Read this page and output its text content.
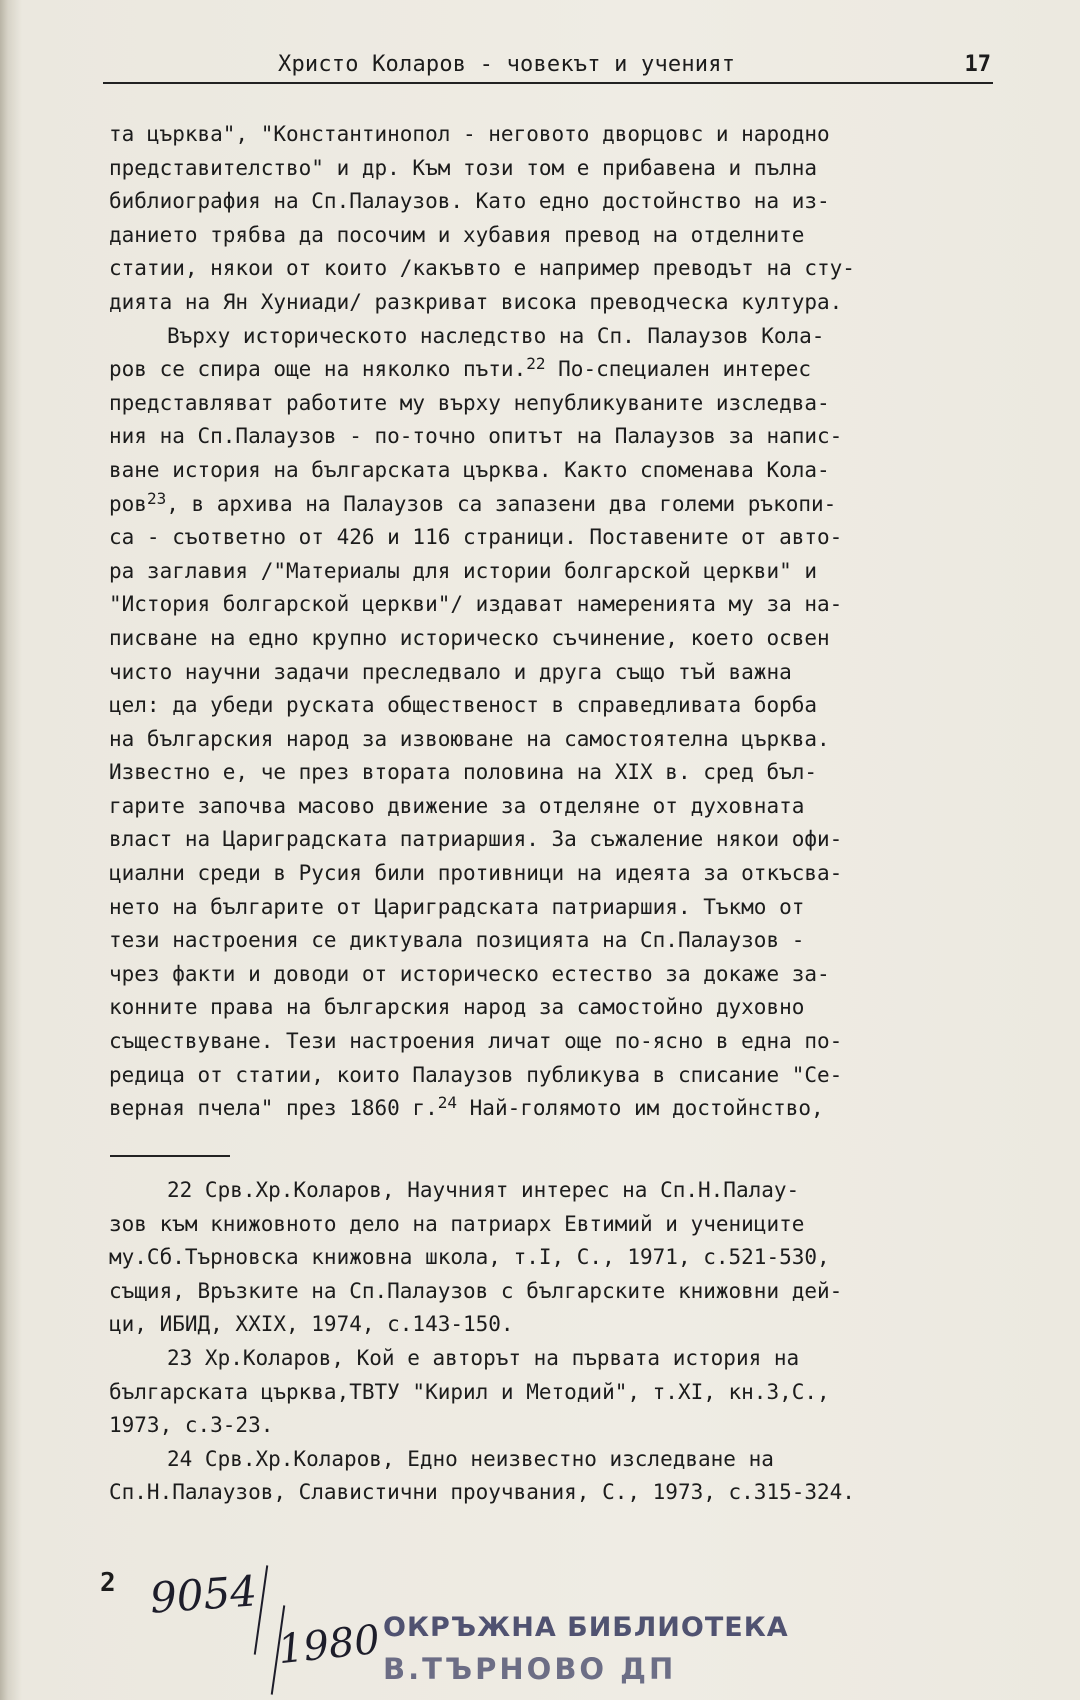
Христо Коларов - човекът и ученият	17
та църква", "Константинопол - неговото дворцовс и народно
представителство" и др. Към този том е прибавена и пълна
библиография на Сп.Палаузов. Като едно достойнство на из-
данието трябва да посочим и хубавия превод на отделните
статии, някои от които /какъвто е например преводът на сту-
дията на Ян Хуниади/ разкриват висока преводческа култура.
Върху историческото наследство на Сп. Палаузов Кола-
ров се спира още на няколко пъти.$^{22}$ По-специален интерес
представляват работите му върху непубликуваните изследва-
ния на Сп.Палаузов - по-точно опитът на Палаузов за напис-
ване история на българската църква. Както споменава Кола-
ров$^{23}$, в архива на Палаузов са запазени два големи ръкопи-
са - съответно от 426 и 116 страници. Поставените от авто-
ра заглавия /"Материалы для истории болгарской церкви" и
"История болгарской церкви"/ издават намеренията му за на-
писване на едно крупно историческо съчинение, което освен
чисто научни задачи преследвало и друга също тъй важна
цел: да убеди руската общественост в справедливата борба
на българския народ за извоюване на самостоятелна църква.
Известно е, че през втората половина на XIX в. сред бъл-
гарите започва масово движение за отделяне от духовната
власт на Цариградската патриаршия. За съжаление някои офи-
циални среди в Русия били противници на идеята за откъсва-
нето на българите от Цариградската патриаршия. Тъкмо от
тези настроения се диктувала позицията на Сп.Палаузов -
чрез факти и доводи от историческо естество за докаже за-
конните права на българския народ за самостойно духовно
съществуване. Тези настроения личат още по-ясно в една по-
редица от статии, които Палаузов публикува в списание "Се-
верная пчела" през 1860 г.$^{24}$ Най-голямото им достойнство,
22 Срв.Хр.Коларов, Научният интерес на Сп.Н.Палау-
зов към книжовното дело на патриарх Евтимий и учениците
му.Сб.Търновска книжовна школа, т.I, С., 1971, с.521-530,
същия, Връзките на Сп.Палаузов с българските книжовни дей-
ци, ИБИД, XXIX, 1974, с.143-150.
23 Хр.Коларов, Кой е авторът на първата история на
българската църква,ТВТУ "Кирил и Методий", т.XI, кн.3,С.,
1973, с.3-23.
24 Срв.Хр.Коларов, Едно неизвестно изследване на
Сп.Н.Палаузов, Славистични проучвания, С., 1973, с.315-324.
2 9054
1980 ОКРЪЖНА БИБЛИОТЕКА
В.ТЪРНОВО ДП
